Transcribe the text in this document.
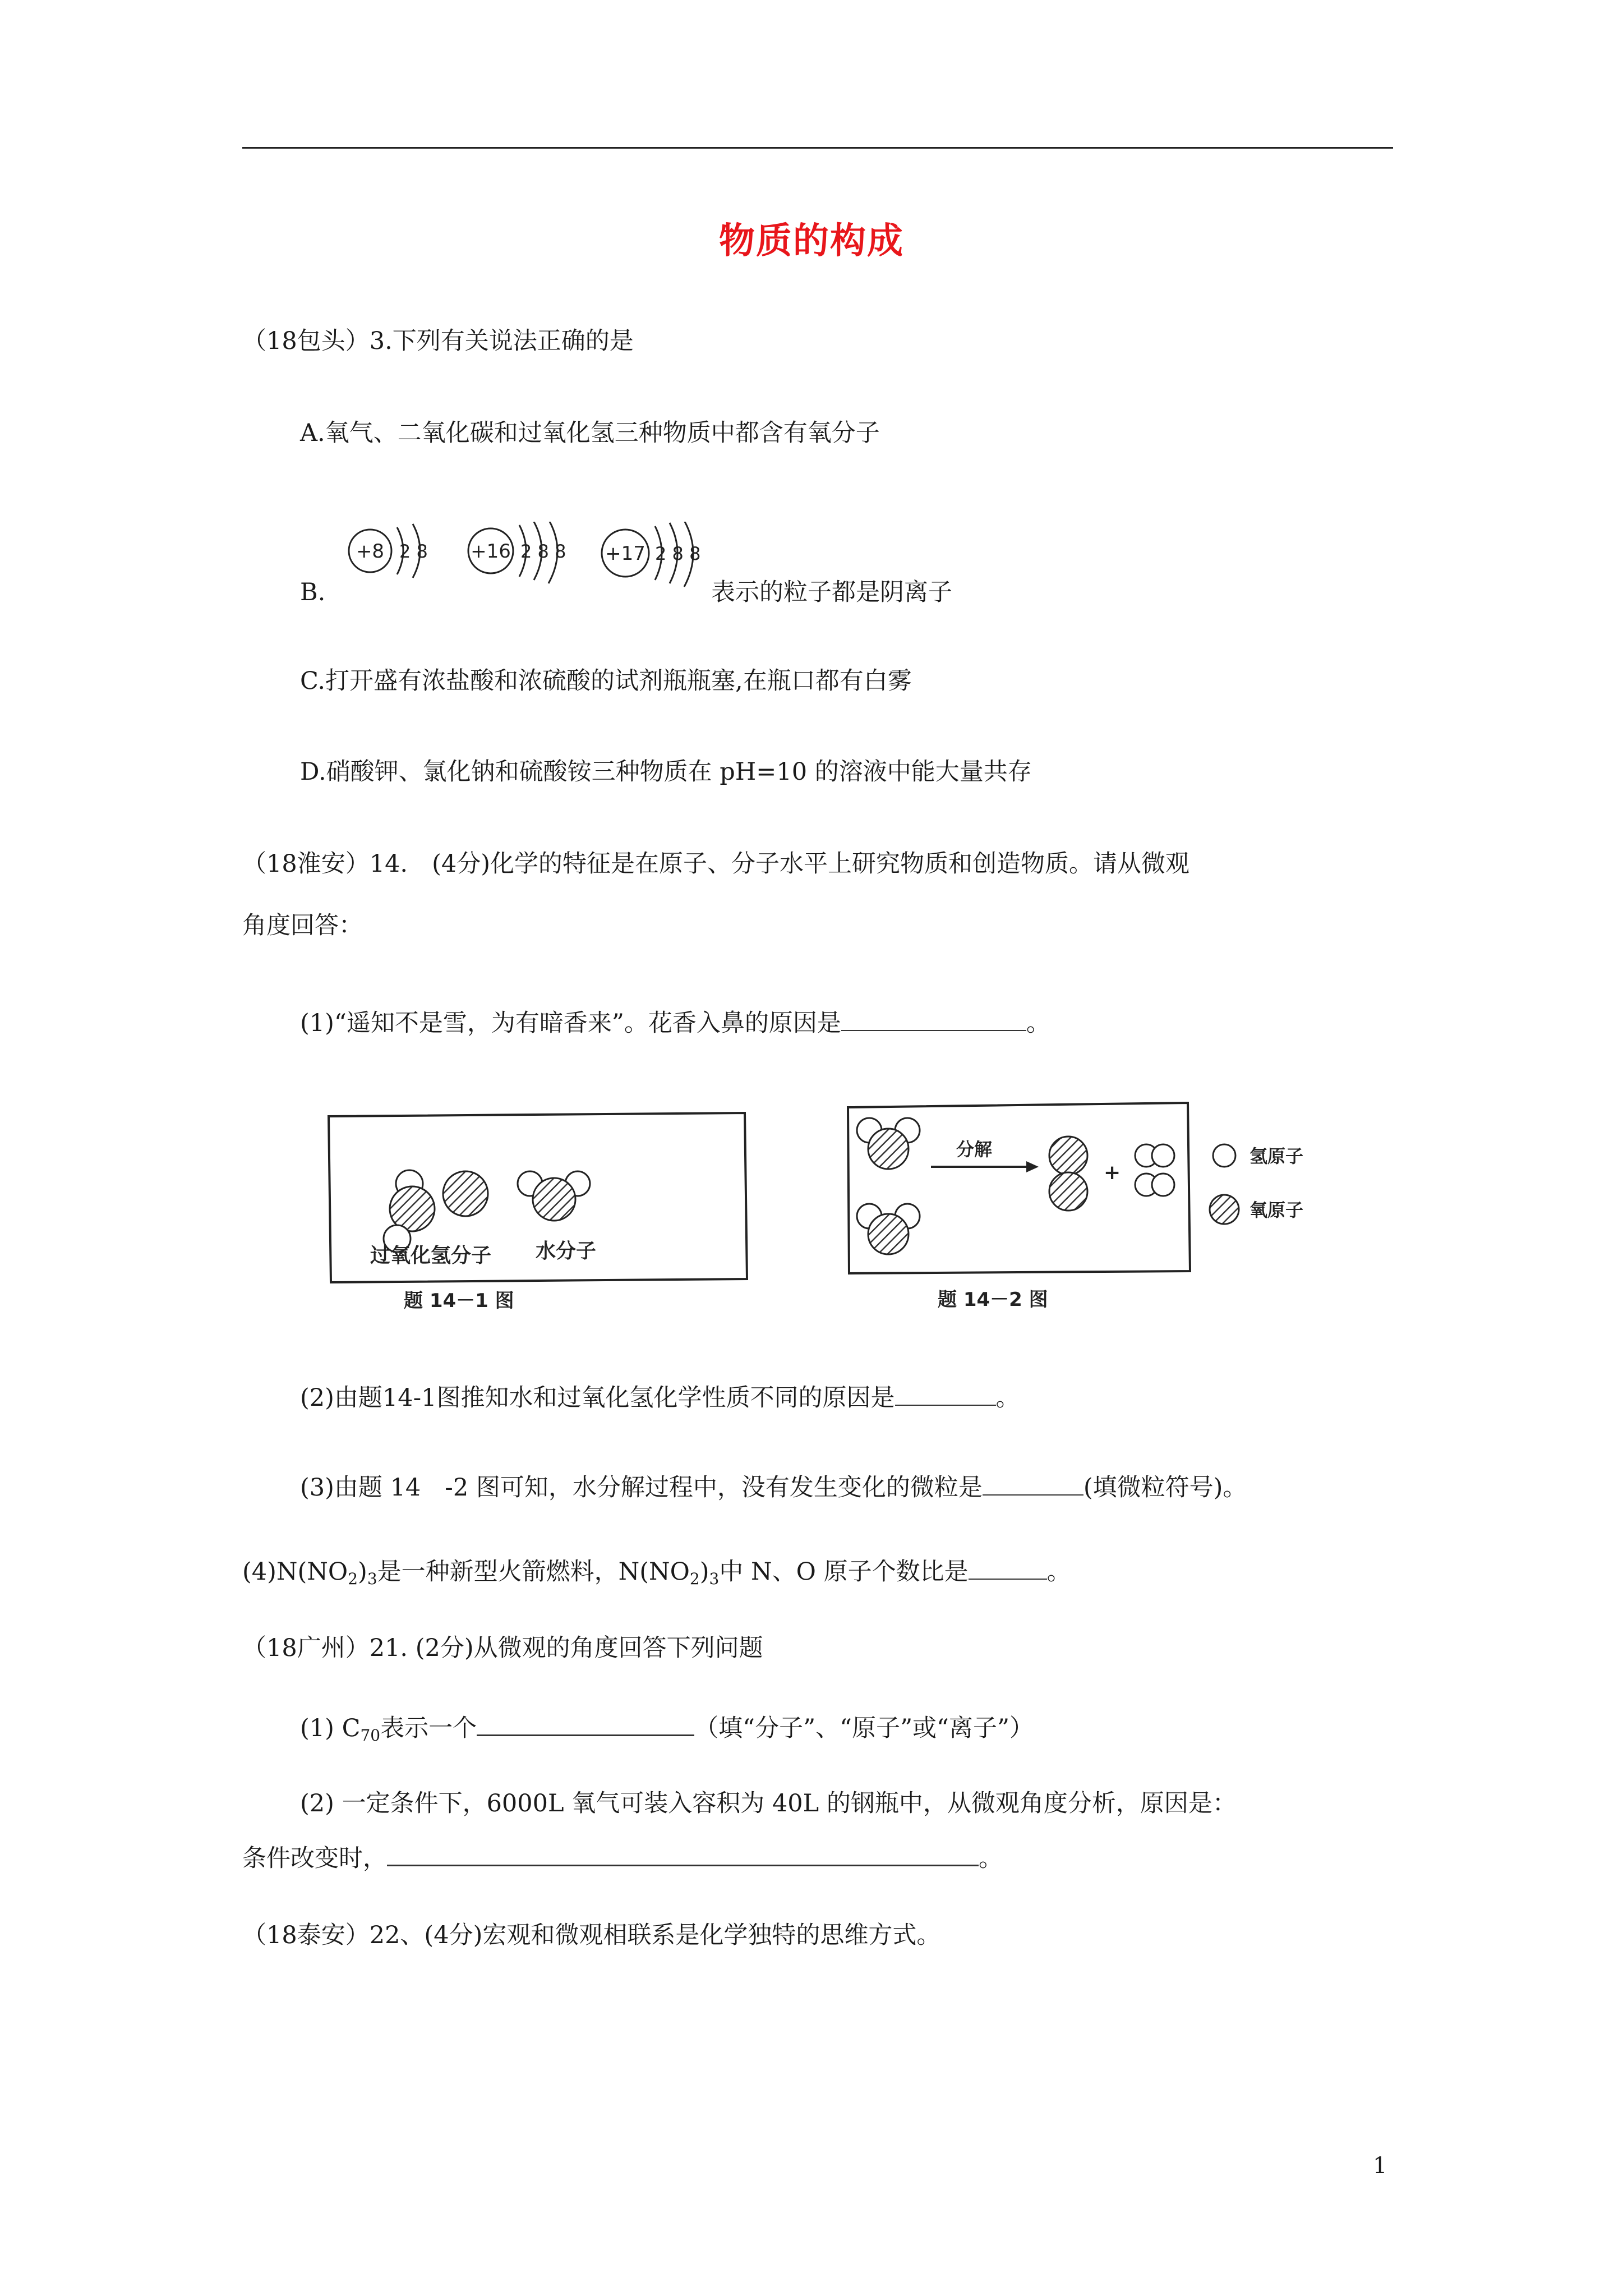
物质的构成
（18包头）3.下列有关说法正确的是
A.氧气、二氧化碳和过氧化氢三种物质中都含有氧分子
B.
+8 2 8 +16 2 8 8 +17 2 8 8
表示的粒子都是阴离子
C.打开盛有浓盐酸和浓硫酸的试剂瓶瓶塞,在瓶口都有白雾
D.硝酸钾、氯化钠和硫酸铵三种物质在 pH=10 的溶液中能大量共存
（18淮安）14.　(4分)化学的特征是在原子、分子水平上研究物质和创造物质。请从微观
角度回答：
(1)“遥知不是雪，为有暗香来”。花香入鼻的原因是	。
过氧化氢分子 水分子
题 14－1 图
分解
+
氢原子
氧原子
题 14－2 图
(2)由题14-1图推知水和过氧化氢化学性质不同的原因是	。
(3)由题 14　-2 图可知，水分解过程中，没有发生变化的微粒是	(填微粒符号)。
$(4)N(NO_2)_3$是一种新型火箭燃料，$N(NO_2)_3$中 N、O 原子个数比是	。
（18广州）21. (2分)从微观的角度回答下列问题
(1) $C_{70}$表示一个	（填“分子”、“原子”或“离子”）
(2) 一定条件下，6000L 氧气可装入容积为 40L 的钢瓶中，从微观角度分析，原因是：
条件改变时，	。
（18泰安）22、(4分)宏观和微观相联系是化学独特的思维方式。
1
